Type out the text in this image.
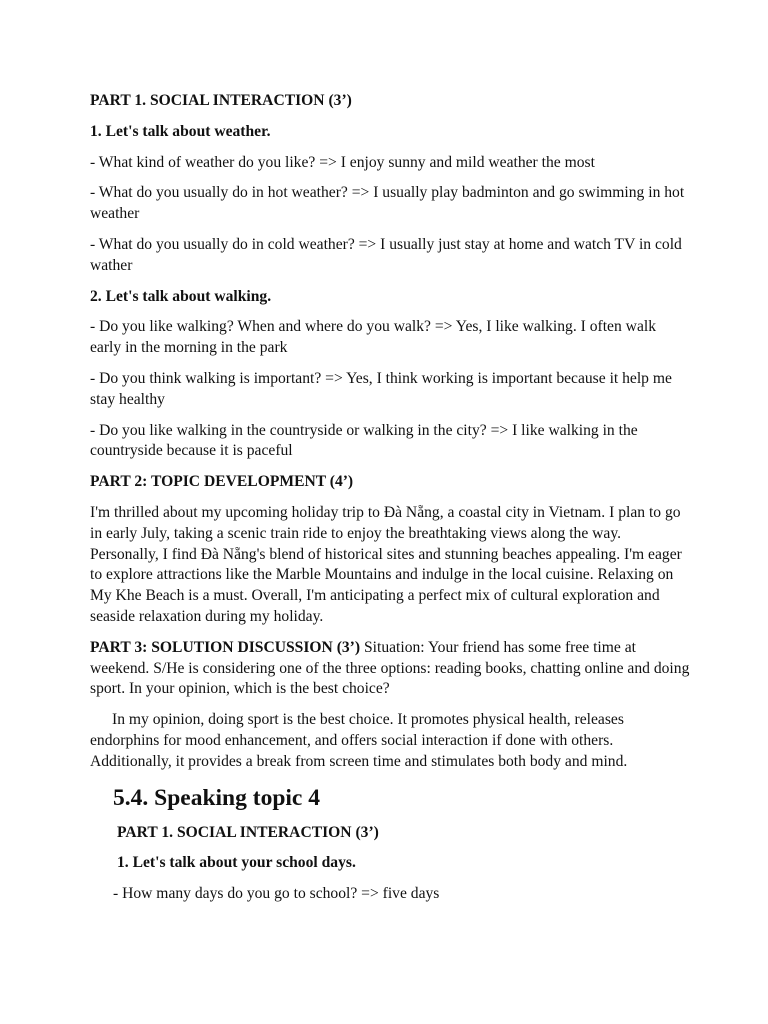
PART 1. SOCIAL INTERACTION (3’)

1. Let's talk about weather.

- What kind of weather do you like? => I enjoy sunny and mild weather the most

- What do you usually do in hot weather? => I usually play badminton and go swimming in hot weather

- What do you usually do in cold weather? => I usually just stay at home and watch TV in cold wather

2. Let's talk about walking.

- Do you like walking? When and where do you walk? => Yes, I like walking. I often walk early in the morning in the park

- Do you think walking is important? => Yes, I think working is important because it help me stay healthy

- Do you like walking in the countryside or walking in the city? => I like walking in the countryside because it is paceful

PART 2: TOPIC DEVELOPMENT (4’)

I'm thrilled about my upcoming holiday trip to Đà Nẵng, a coastal city in Vietnam. I plan to go in early July, taking a scenic train ride to enjoy the breathtaking views along the way. Personally, I find Đà Nẵng's blend of historical sites and stunning beaches appealing. I'm eager to explore attractions like the Marble Mountains and indulge in the local cuisine. Relaxing on My Khe Beach is a must. Overall, I'm anticipating a perfect mix of cultural exploration and seaside relaxation during my holiday.

PART 3: SOLUTION DISCUSSION (3’) Situation: Your friend has some free time at weekend. S/He is considering one of the three options: reading books, chatting online and doing sport. In your opinion, which is the best choice?

In my opinion, doing sport is the best choice. It promotes physical health, releases endorphins for mood enhancement, and offers social interaction if done with others. Additionally, it provides a break from screen time and stimulates both body and mind.

5.4. Speaking topic 4

PART 1. SOCIAL INTERACTION (3’)

1. Let's talk about your school days.

- How many days do you go to school? => five days
